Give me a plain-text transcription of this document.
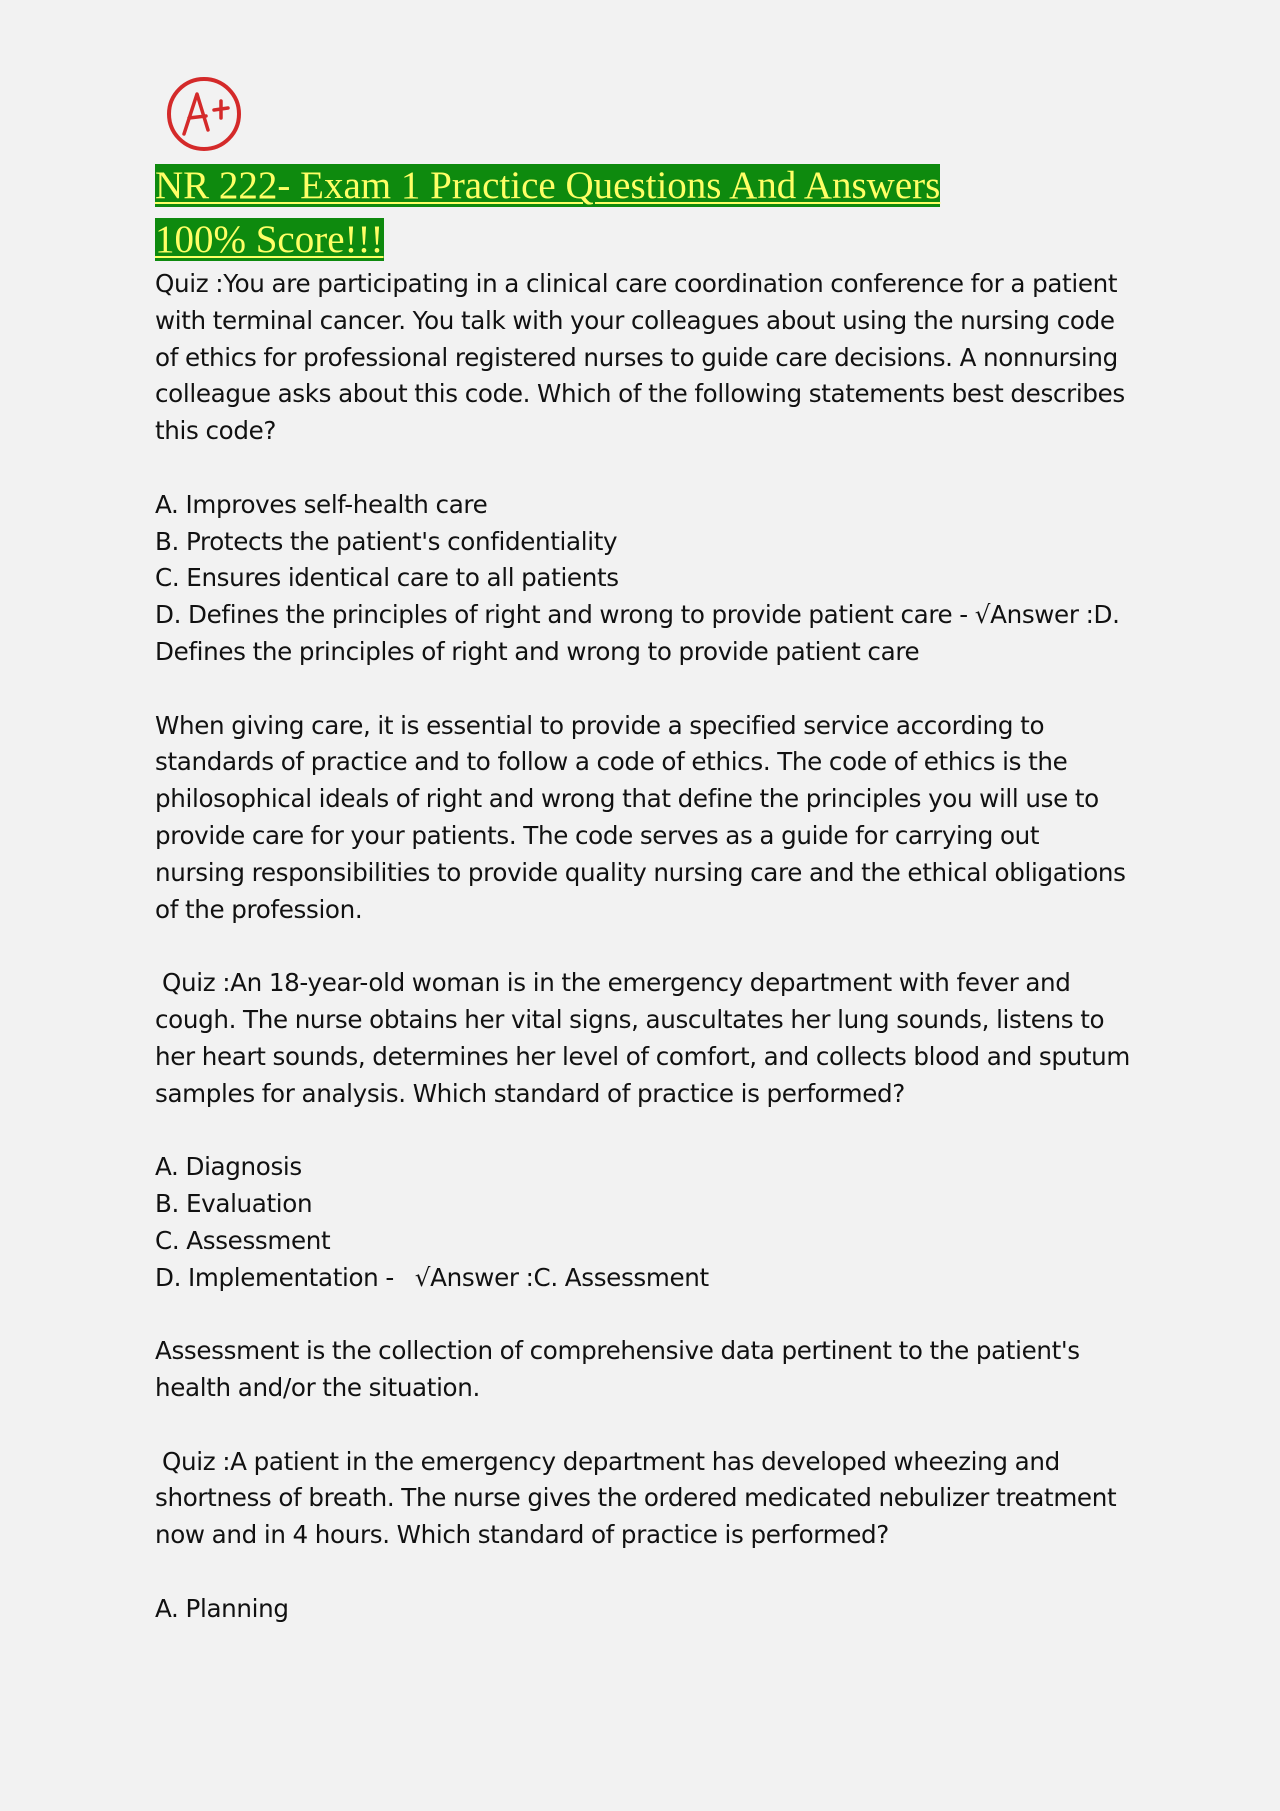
NR 222- Exam 1 Practice Questions And Answers
100% Score!!!

Quiz :You are participating in a clinical care coordination conference for a patient with terminal cancer. You talk with your colleagues about using the nursing code of ethics for professional registered nurses to guide care decisions. A nonnursing colleague asks about this code. Which of the following statements best describes this code?

A. Improves self-health care

B. Protects the patient's confidentiality

C. Ensures identical care to all patients

D. Defines the principles of right and wrong to provide patient care - √Answer :D. Defines the principles of right and wrong to provide patient care

When giving care, it is essential to provide a specified service according to standards of practice and to follow a code of ethics. The code of ethics is the philosophical ideals of right and wrong that define the principles you will use to provide care for your patients. The code serves as a guide for carrying out nursing responsibilities to provide quality nursing care and the ethical obligations of the profession.

Quiz :An 18-year-old woman is in the emergency department with fever and cough. The nurse obtains her vital signs, auscultates her lung sounds, listens to her heart sounds, determines her level of comfort, and collects blood and sputum samples for analysis. Which standard of practice is performed?

A. Diagnosis

B. Evaluation

C. Assessment

D. Implementation -   √Answer :C. Assessment

Assessment is the collection of comprehensive data pertinent to the patient's health and/or the situation.

Quiz :A patient in the emergency department has developed wheezing and shortness of breath. The nurse gives the ordered medicated nebulizer treatment now and in 4 hours. Which standard of practice is performed?

A. Planning
